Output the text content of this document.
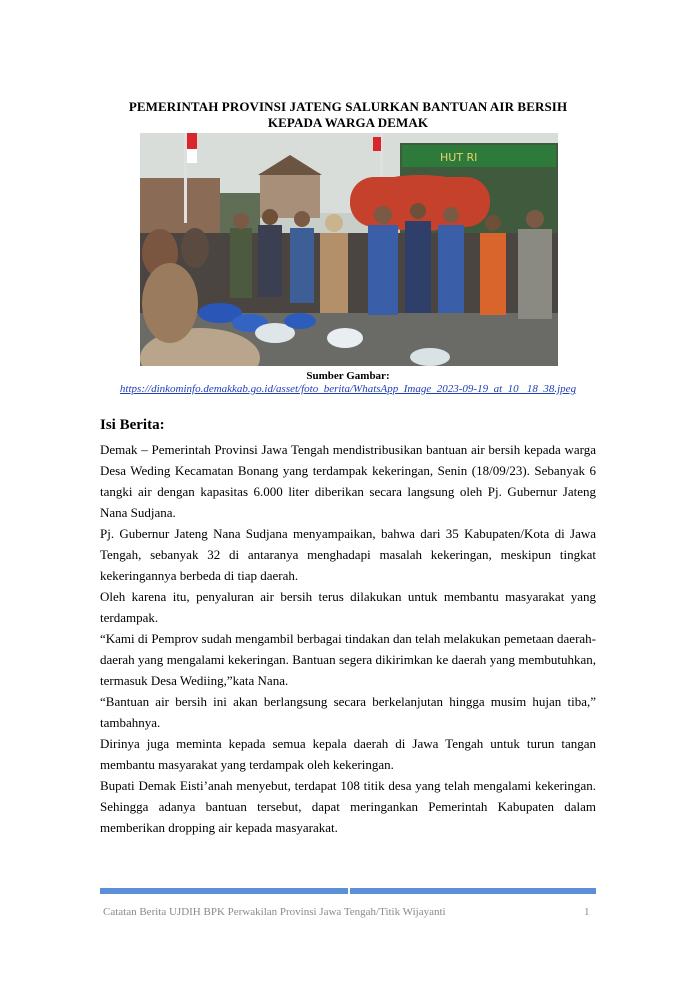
PEMERINTAH PROVINSI JATENG SALURKAN BANTUAN AIR BERSIH
KEPADA WARGA DEMAK
HUT RI
Sumber Gambar:
https://dinkominfo.demakkab.go.id/asset/foto_berita/WhatsApp_Image_2023-09-19_at_10 _18_38.jpeg
Isi Berita:

Demak – Pemerintah Provinsi Jawa Tengah mendistribusikan bantuan air bersih kepada warga Desa Weding Kecamatan Bonang yang terdampak kekeringan, Senin (18/09/23). Sebanyak 6 tangki air dengan kapasitas 6.000 liter diberikan secara langsung oleh Pj. Gubernur Jateng Nana Sudjana.

Pj. Gubernur Jateng Nana Sudjana menyampaikan, bahwa dari 35 Kabupaten/Kota di Jawa Tengah, sebanyak 32 di antaranya menghadapi masalah kekeringan, meskipun tingkat kekeringannya berbeda di tiap daerah.

Oleh karena itu, penyaluran air bersih terus dilakukan untuk membantu masyarakat yang terdampak.

“Kami di Pemprov sudah mengambil berbagai tindakan dan telah melakukan pemetaan daerah-daerah yang mengalami kekeringan. Bantuan segera dikirimkan ke daerah yang membutuhkan, termasuk Desa Wediing,”kata Nana.

“Bantuan air bersih ini akan berlangsung secara berkelanjutan hingga musim hujan tiba,” tambahnya.

Dirinya juga meminta kepada semua kepala daerah di Jawa Tengah untuk turun tangan membantu masyarakat yang terdampak oleh kekeringan.

Bupati Demak Eisti’anah menyebut, terdapat 108 titik desa yang telah mengalami kekeringan. Sehingga adanya bantuan tersebut, dapat meringankan Pemerintah Kabupaten dalam memberikan dropping air kepada masyarakat.

Catatan Berita UJDIH BPK Perwakilan Provinsi Jawa Tengah/Titik Wijayanti	1
